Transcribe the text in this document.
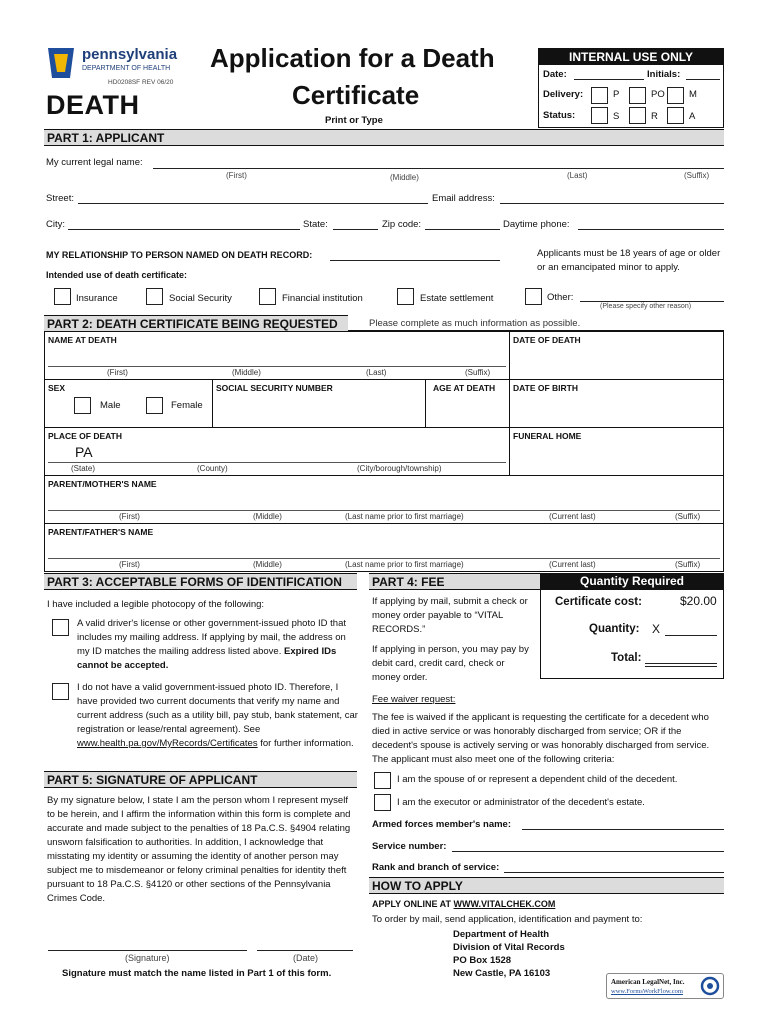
pennsylvania
DEPARTMENT OF HEALTH
HD0208SF REV 06/20
DEATH
Application for a Death
Certificate
Print or Type
INTERNAL USE ONLY
Date:	Initials:
Delivery:	P	PO	M
Status:	S	R	A
PART 1: APPLICANT
My current legal name:
(First)	(Middle)	(Last)	(Suffix)
Street:	Email address:
City:	State:	Zip code:	Daytime phone:
MY RELATIONSHIP TO PERSON NAMED ON DEATH RECORD:	Applicants must be 18 years of age or older or an emancipated minor to apply.
Intended use of death certificate:
Insurance	Social Security	Financial institution	Estate settlement	Other:
(Please specify other reason)
PART 2: DEATH CERTIFICATE BEING REQUESTED	Please complete as much information as possible.
NAME AT DEATH
(First)	(Middle)	(Last)	(Suffix)
DATE OF DEATH
SEX
Male	Female
SOCIAL SECURITY NUMBER	AGE AT DEATH DATE OF BIRTH
PLACE OF DEATH
PA
(State)	(County)	(City/borough/township)
FUNERAL HOME
PARENT/MOTHER'S NAME
(First)	(Middle)	(Last name prior to first marriage)	(Current last)	(Suffix)
PARENT/FATHER'S NAME
(First)	(Middle)	(Last name prior to first marriage)	(Current last)	(Suffix)
PART 3: ACCEPTABLE FORMS OF IDENTIFICATION
I have included a legible photocopy of the following:
A valid driver's license or other government-issued photo ID that includes my mailing address. If applying by mail, the address on my ID matches the mailing address listed above. Expired IDs cannot be accepted.
I do not have a valid government-issued photo ID. Therefore, I have provided two current documents that verify my name and current address (such as a utility bill, pay stub, bank statement, car registration or lease/rental agreement). See www.health.pa.gov/MyRecords/Certificates for further information.
PART 5: SIGNATURE OF APPLICANT
By my signature below, I state I am the person whom I represent myself to be herein, and I affirm the information within this form is complete and accurate and made subject to the penalties of 18 Pa.C.S. §4904 relating unsworn falsification to authorities. In addition, I acknowledge that misstating my identity or assuming the identity of another person may subject me to misdemeanor or felony criminal penalties for identity theft pursuant to 18 Pa.C.S. §4120 or other sections of the Pennsylvania Crimes Code.
(Signature)	(Date)
Signature must match the name listed in Part 1 of this form.
PART 4: FEE	Quantity Required
Certificate cost:	$20.00
Quantity: X
Total:
If applying by mail, submit a check or money order payable to “VITAL RECORDS.”
If applying in person, you may pay by debit card, credit card, check or money order.
Fee waiver request:
The fee is waived if the applicant is requesting the certificate for a decedent who died in active service or was honorably discharged from service; OR if the decedent's spouse is actively serving or was honorably discharged from service. The applicant must also meet one of the following criteria:
I am the spouse of or represent a dependent child of the decedent.
I am the executor or administrator of the decedent's estate.
Armed forces member's name:
Service number:
Rank and branch of service:
HOW TO APPLY
APPLY ONLINE AT WWW.VITALCHEK.COM
To order by mail, send application, identification and payment to:
Department of Health
Division of Vital Records
PO Box 1528
New Castle, PA 16103
American LegalNet, Inc.
www.FormsWorkFlow.com
